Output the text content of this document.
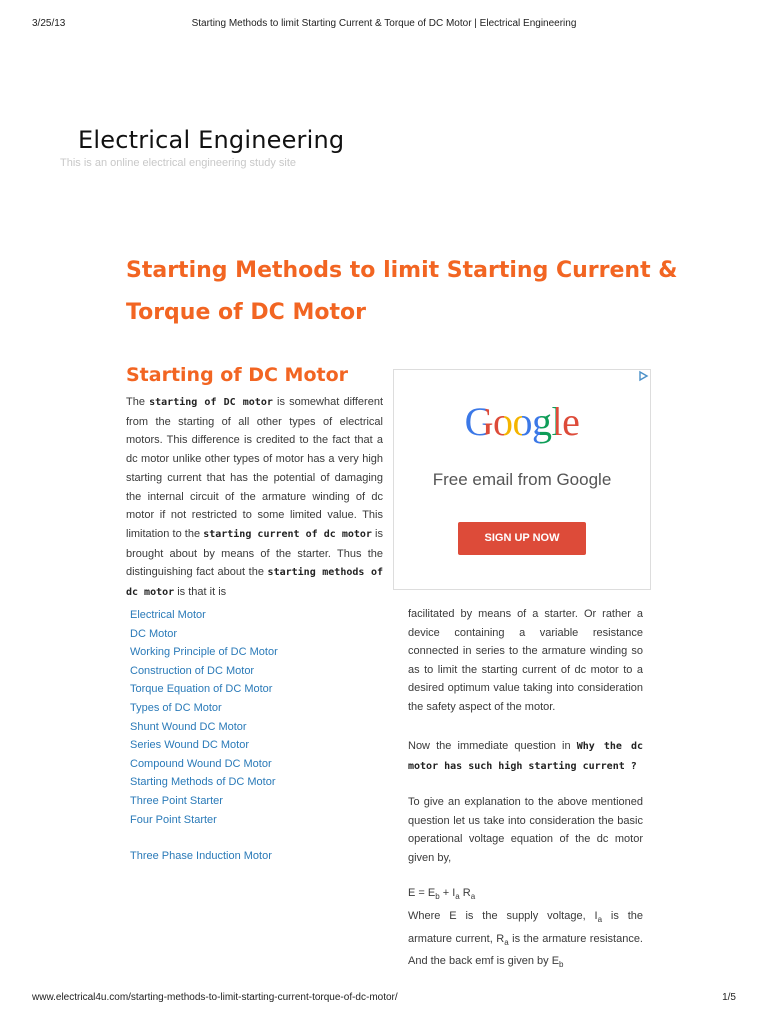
3/25/13	Starting Methods to limit Starting Current & Torque of DC Motor | Electrical Engineering
Electrical Engineering
This is an online electrical engineering study site
Starting Methods to limit Starting Current &
Torque of DC Motor
Starting of DC Motor
The starting of DC motor is somewhat different from the starting of all other types of electrical motors. This difference is credited to the fact that a dc motor unlike other types of motor has a very high starting current that has the potential of damaging the internal circuit of the armature winding of dc motor if not restricted to some limited value. This limitation to the starting current of dc motor is brought about by means of the starter. Thus the distinguishing fact about the starting methods of dc motor is that it is
Google
Free email from Google
SIGN UP NOW
Electrical Motor
DC Motor
Working Principle of DC Motor
Construction of DC Motor
Torque Equation of DC Motor
Types of DC Motor
Shunt Wound DC Motor
Series Wound DC Motor
Compound Wound DC Motor
Starting Methods of DC Motor
Three Point Starter
Four Point Starter
Three Phase Induction Motor
facilitated by means of a starter. Or rather a device containing a variable resistance connected in series to the armature winding so as to limit the starting current of dc motor to a desired optimum value taking into consideration the safety aspect of the motor.
Now the immediate question in Why the dc motor has such high starting current ?
To give an explanation to the above mentioned question let us take into consideration the basic operational voltage equation of the dc motor given by,
$E = E_b + I_a$ $R_a$
Where E is the supply voltage, $I_a$ is the armature current, $R_a$ is the armature resistance. And the back emf is given by $E_b$
www.electrical4u.com/starting-methods-to-limit-starting-current-torque-of-dc-motor/	1/5
